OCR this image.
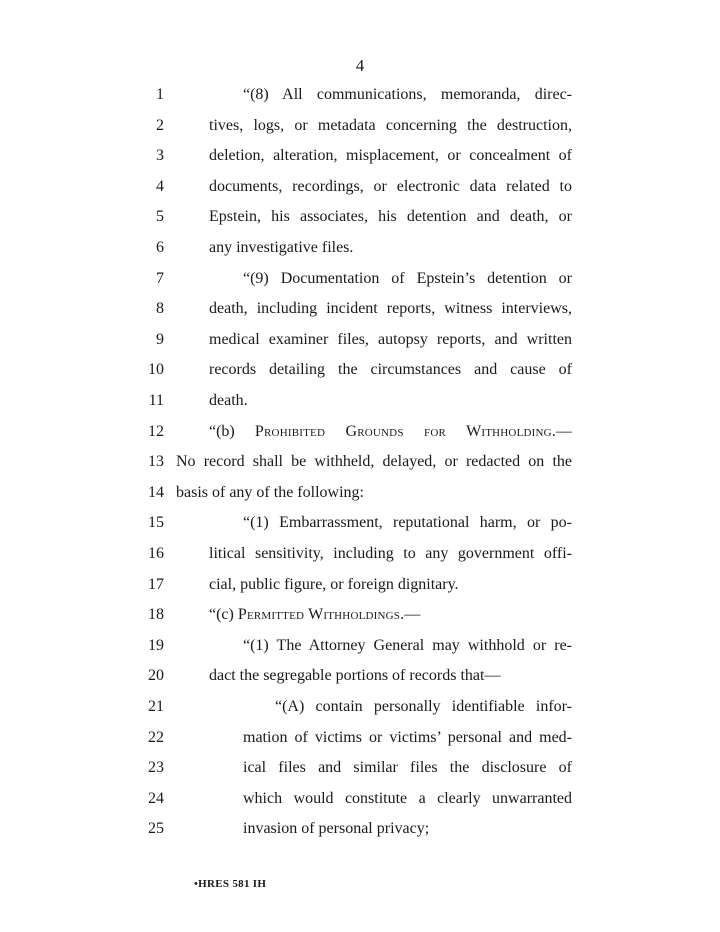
4
1	“(8) All communications, memoranda, direc-
2	tives, logs, or metadata concerning the destruction,
3	deletion, alteration, misplacement, or concealment of
4	documents, recordings, or electronic data related to
5	Epstein, his associates, his detention and death, or
6	any investigative files.
7	“(9) Documentation of Epstein’s detention or
8	death, including incident reports, witness interviews,
9	medical examiner files, autopsy reports, and written
10	records detailing the circumstances and cause of
11	death.
12	“(b) Prohibited Grounds for Withholding.—
13 No record shall be withheld, delayed, or redacted on the
14 basis of any of the following:
15	“(1) Embarrassment, reputational harm, or po-
16	litical sensitivity, including to any government offi-
17	cial, public figure, or foreign dignitary.
18	“(c) Permitted Withholdings.—
19	“(1) The Attorney General may withhold or re-
20	dact the segregable portions of records that—
21	“(A) contain personally identifiable infor-
22	mation of victims or victims’ personal and med-
23	ical files and similar files the disclosure of
24	which would constitute a clearly unwarranted
25	invasion of personal privacy;
•HRES 581 IH
